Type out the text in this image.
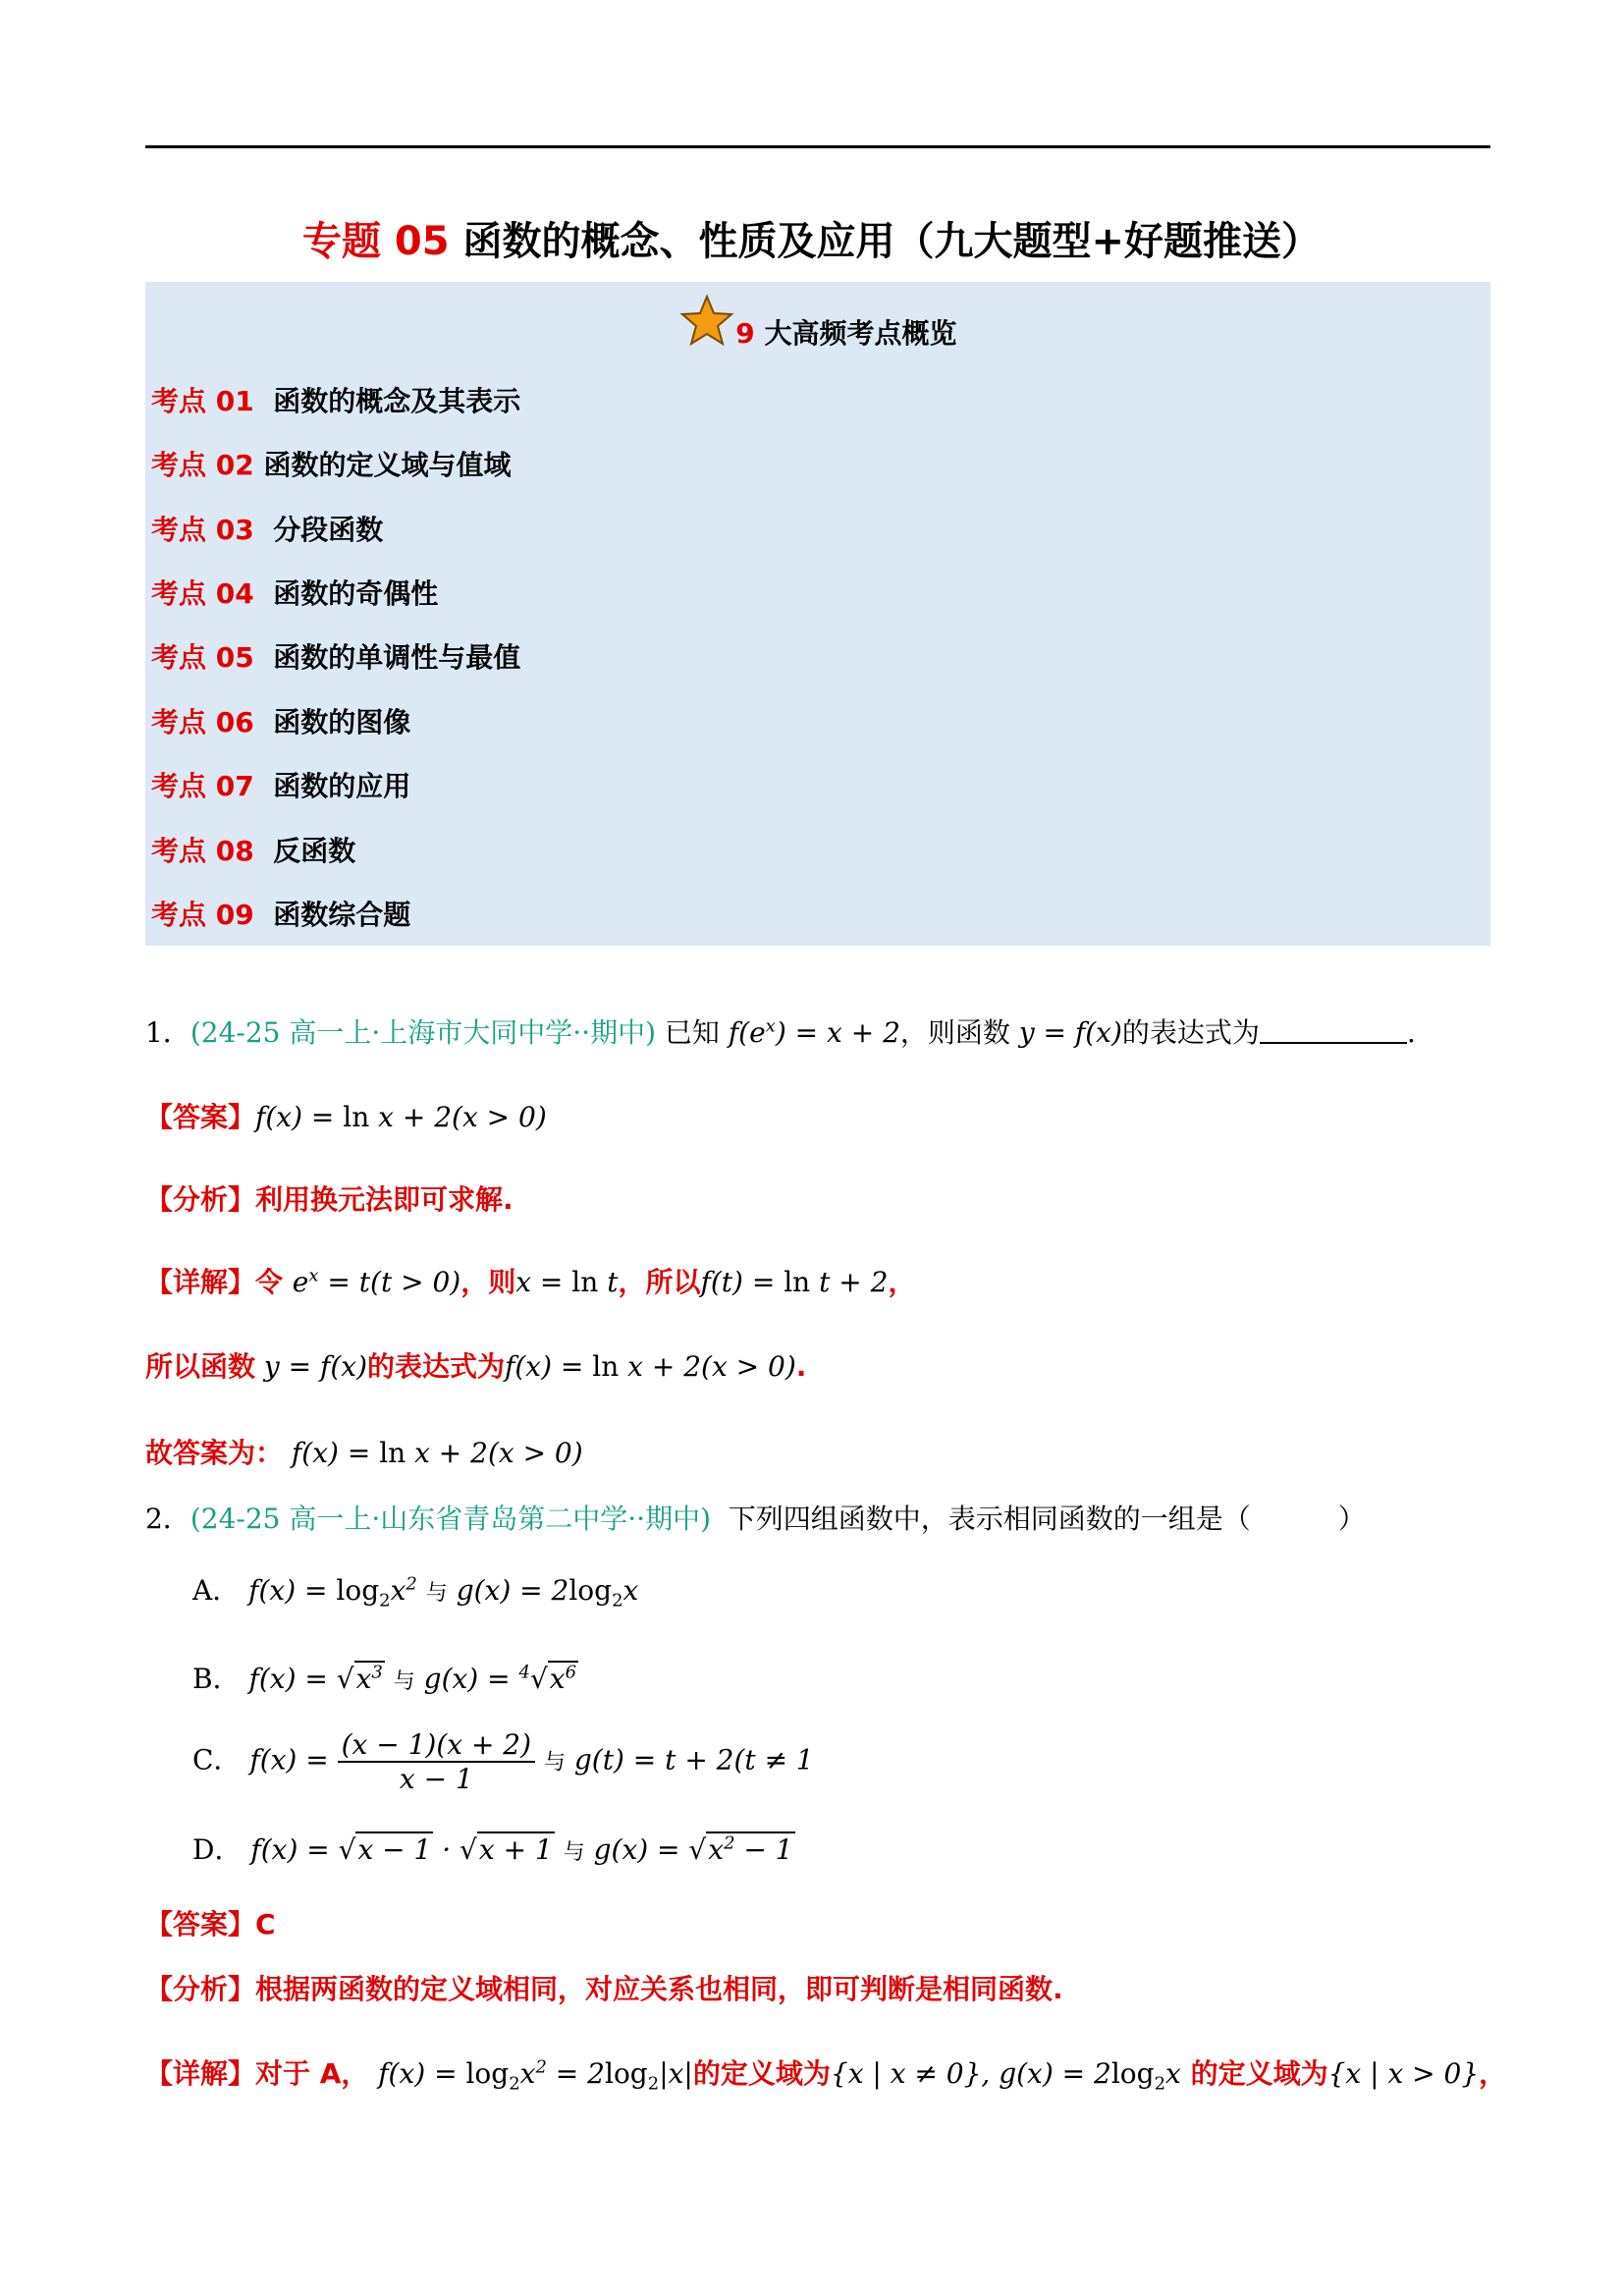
专题 05 函数的概念、性质及应用（九大题型+好题推送）
9 大高频考点概览
考点 01  函数的概念及其表示
考点 02 函数的定义域与值域
考点 03  分段函数
考点 04  函数的奇偶性
考点 05  函数的单调性与最值
考点 06  函数的图像
考点 07  函数的应用
考点 08  反函数
考点 09  函数综合题
1．(24-25 高一上·上海市大同中学··期中) 已知 $f(e^x) = x + 2$，则函数 y = f(x)的表达式为	.
【答案】f(x) = ln x + 2(x > 0)
【分析】利用换元法即可求解.
【详解】令 $e^x = t(t > 0)$，则x = ln t，所以f(t) = ln t + 2，
所以函数 y = f(x)的表达式为f(x) = ln x + 2(x > 0).
故答案为： f(x) = ln x + 2(x > 0)
2．(24-25 高一上·山东省青岛第二中学··期中)  下列四组函数中，表示相同函数的一组是（          ）
A． $f(x) = \log_2x^2$ 与 $g(x) = 2\log_2x$
B． $f(x) = √x^3$ 与 $g(x) = ^4√x^6$
C． $f(x) = \frac{(x - 1)(x + 2)}{x - 1}$ 与 g(t) = t + 2(t ≠ 1
D． f(x) = √x − 1 · √x + 1 与 $g(x) = √x^2 - 1$
【答案】C
【分析】根据两函数的定义域相同，对应关系也相同，即可判断是相同函数.
【详解】对于 A， $f(x) = \log_2x^2 = 2\log_2|x|$的定义域为{x | x ≠ 0}, $g(x) = 2\log_2x$ 的定义域为{x | x > 0}，
